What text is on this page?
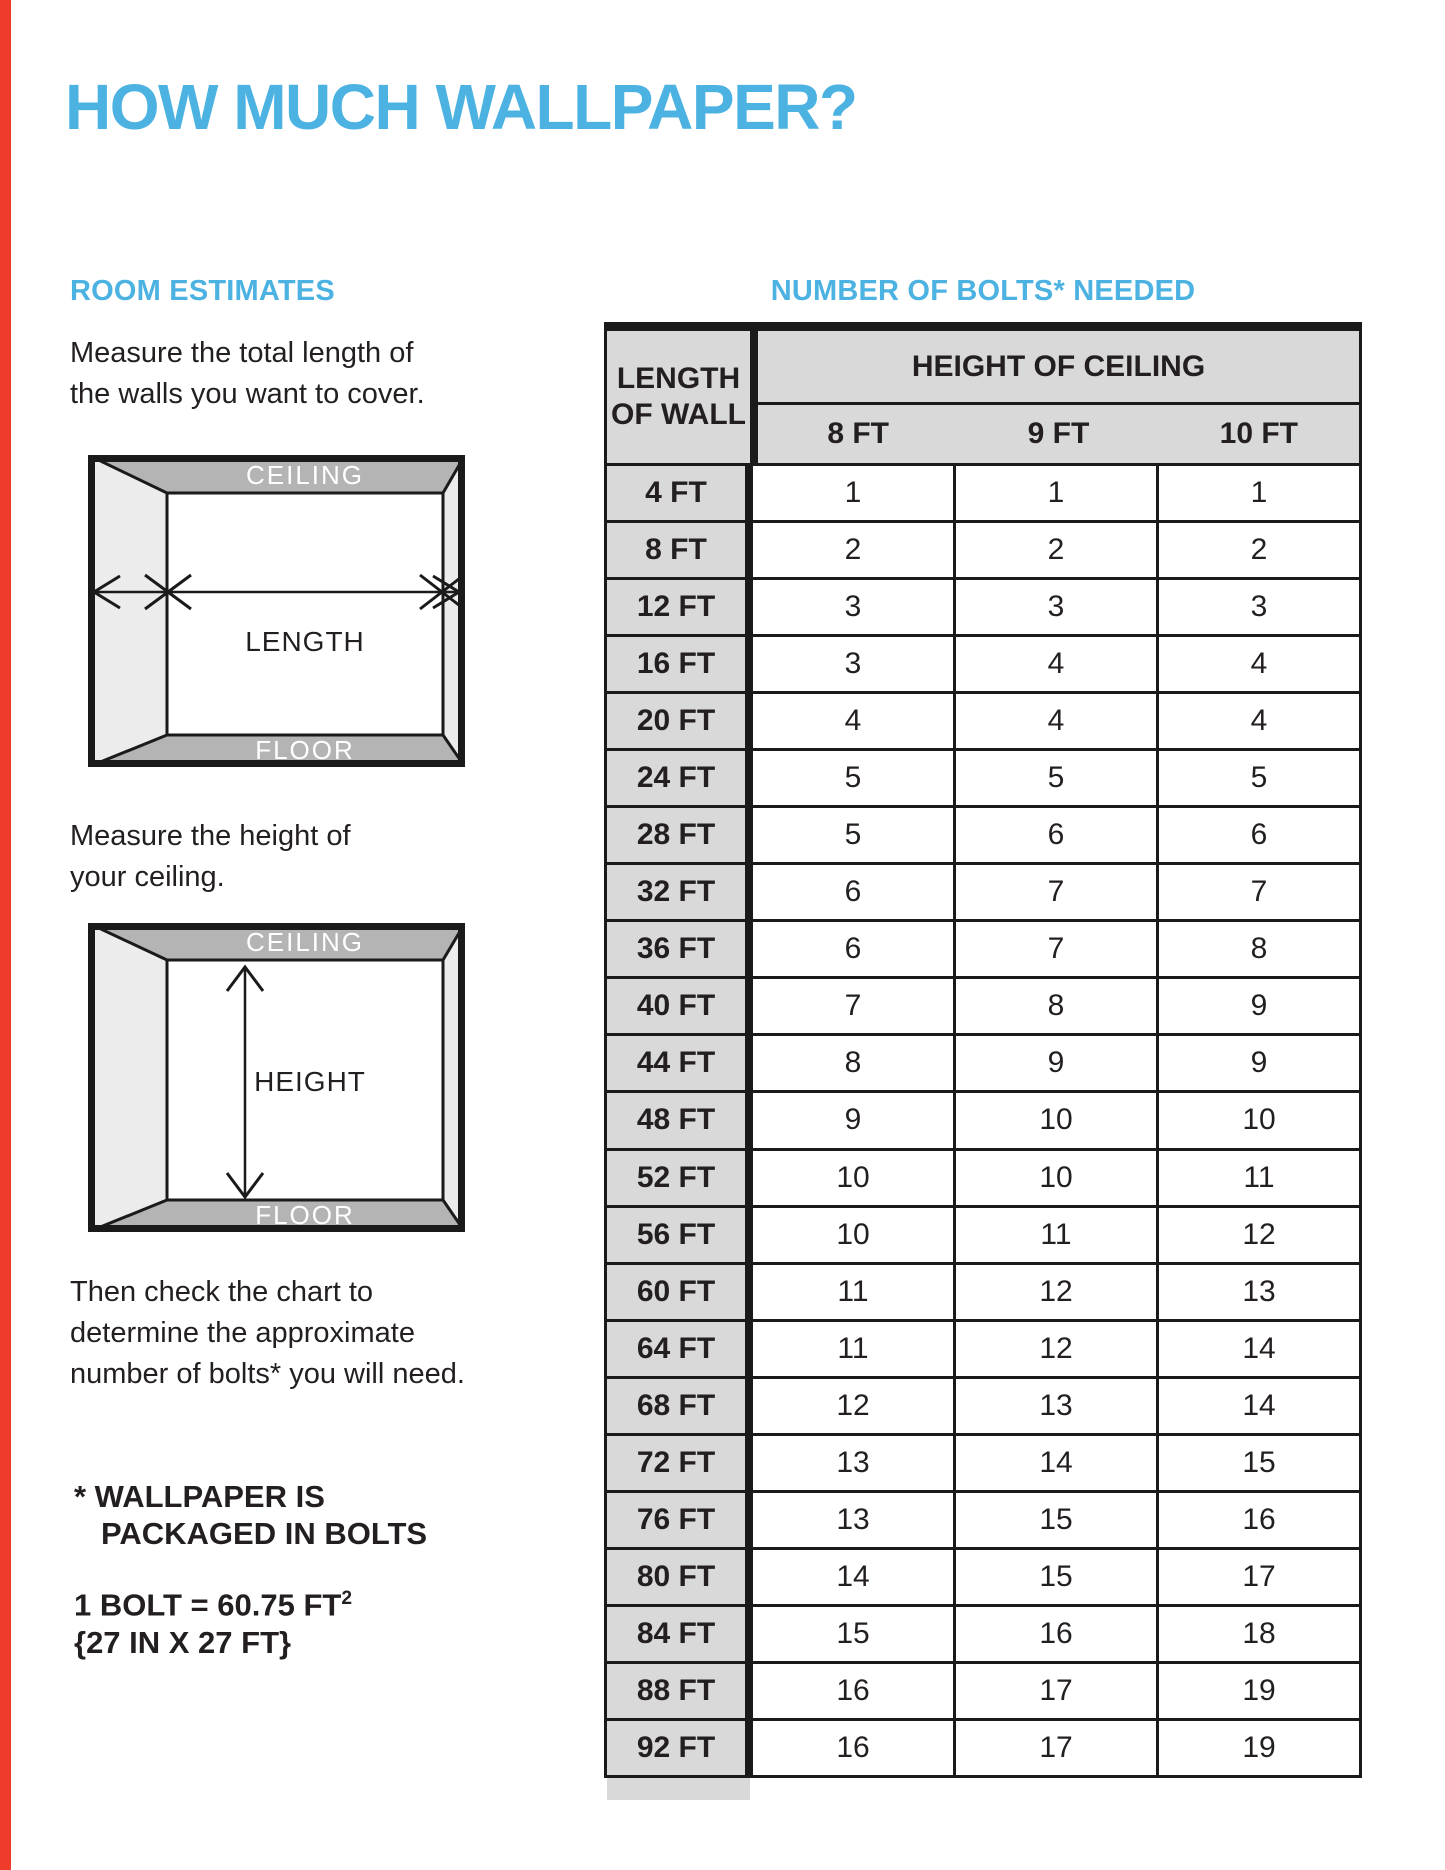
HOW MUCH WALLPAPER?
ROOM ESTIMATES	NUMBER OF BOLTS* NEEDED
Measure the total length of
the walls you want to cover.
CEILING
FLOOR
LENGTH
Measure the height of
your ceiling.
CEILING
FLOOR
HEIGHT
Then check the chart to
determine the approximate
number of bolts* you will need.
* WALLPAPER IS
PACKAGED IN BOLTS
1 BOLT = 60.75 $FT^2$
{27 IN X 27 FT}
LENGTH
OF WALL
HEIGHT OF CEILING
8 FT	9 FT	10 FT
4 FT	1	1	1
8 FT	2	2	2
12 FT	3	3	3
16 FT	3	4	4
20 FT	4	4	4
24 FT	5	5	5
28 FT	5	6	6
32 FT	6	7	7
36 FT	6	7	8
40 FT	7	8	9
44 FT	8	9	9
48 FT	9	10	10
52 FT	10	10	11
56 FT	10	11	12
60 FT	11	12	13
64 FT	11	12	14
68 FT	12	13	14
72 FT	13	14	15
76 FT	13	15	16
80 FT	14	15	17
84 FT	15	16	18
88 FT	16	17	19
92 FT	16	17	19
